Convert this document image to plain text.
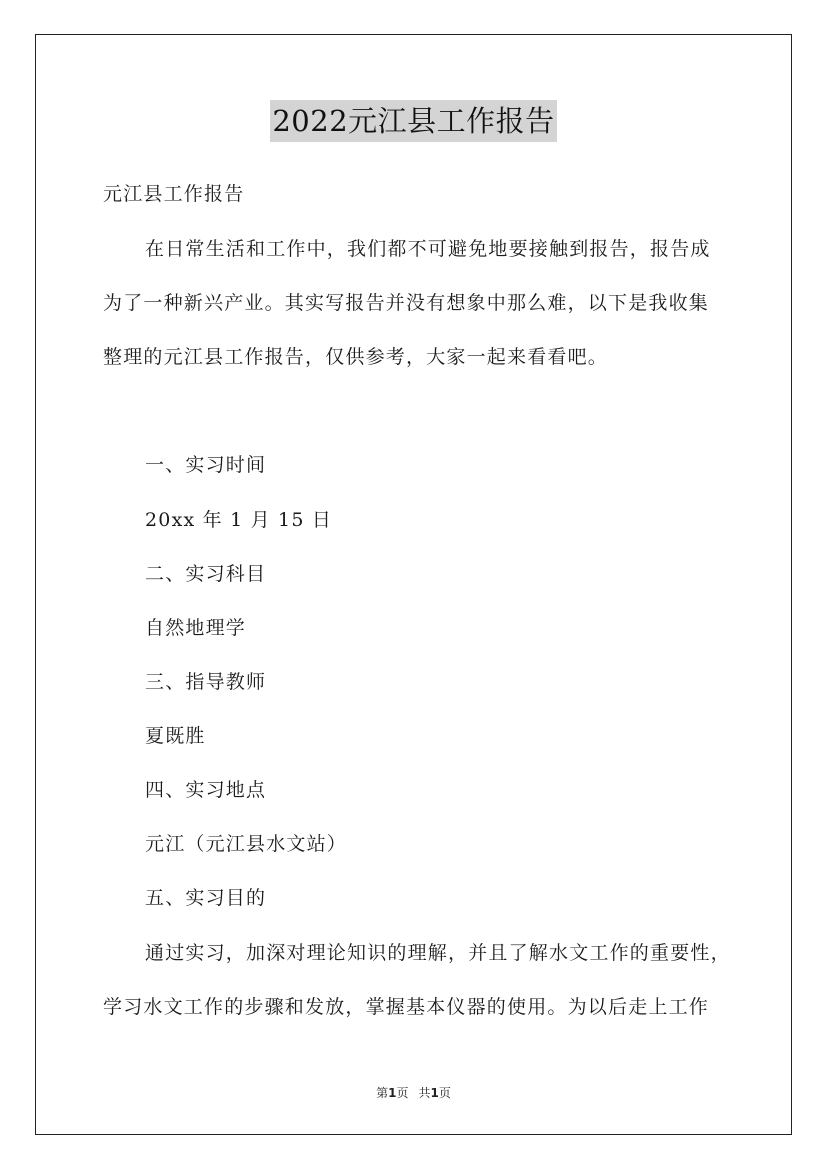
2022元江县工作报告
元江县工作报告
在日常生活和工作中，我们都不可避免地要接触到报告，报告成
为了一种新兴产业。其实写报告并没有想象中那么难，以下是我收集
整理的元江县工作报告，仅供参考，大家一起来看看吧。
一、实习时间
20xx 年 1 月 15 日
二、实习科目
自然地理学
三、指导教师
夏既胜
四、实习地点
元江（元江县水文站）
五、实习目的
通过实习，加深对理论知识的理解，并且了解水文工作的重要性，
学习水文工作的步骤和发放，掌握基本仪器的使用。为以后走上工作
第1页 共1页
